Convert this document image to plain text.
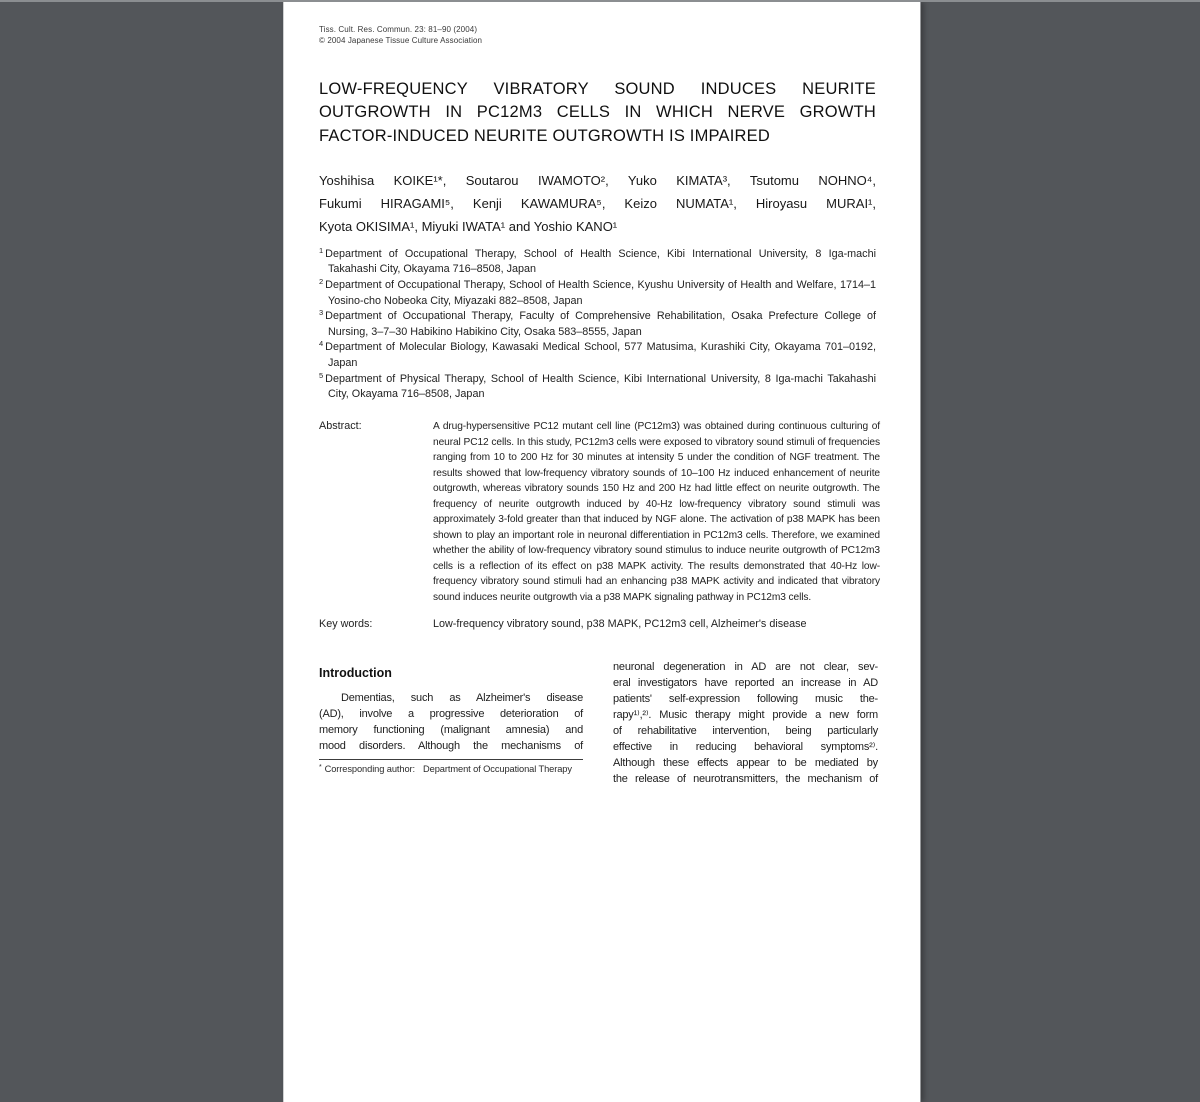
Tiss. Cult. Res. Commun. 23: 81–90 (2004)
© 2004 Japanese Tissue Culture Association
LOW-FREQUENCY VIBRATORY SOUND INDUCES NEURITE
OUTGROWTH IN PC12M3 CELLS IN WHICH NERVE GROWTH
FACTOR-INDUCED NEURITE OUTGROWTH IS IMPAIRED
Yoshihisa KOIKE¹*, Soutarou IWAMOTO², Yuko KIMATA³, Tsutomu NOHNO⁴,
Fukumi HIRAGAMI⁵, Kenji KAWAMURA⁵, Keizo NUMATA¹, Hiroyasu MURAI¹,
Kyota OKISIMA¹, Miyuki IWATA¹ and Yoshio KANO¹
$^1$ Department of Occupational Therapy, School of Health Science, Kibi International University, 8 Iga-machi Takahashi City, Okayama 716–8508, Japan
$^2$ Department of Occupational Therapy, School of Health Science, Kyushu University of Health and Welfare, 1714–1 Yosino-cho Nobeoka City, Miyazaki 882–8508, Japan
$^3$ Department of Occupational Therapy, Faculty of Comprehensive Rehabilitation, Osaka Prefecture College of Nursing, 3–7–30 Habikino Habikino City, Osaka 583–8555, Japan
$^4$ Department of Molecular Biology, Kawasaki Medical School, 577 Matusima, Kurashiki City, Okayama 701–0192, Japan
$^5$ Department of Physical Therapy, School of Health Science, Kibi International University, 8 Iga-machi Takahashi City, Okayama 716–8508, Japan
Abstract:	A drug-hypersensitive PC12 mutant cell line (PC12m3) was obtained during continuous culturing of neural PC12 cells. In this study, PC12m3 cells were exposed to vibratory sound stimuli of frequencies ranging from 10 to 200 Hz for 30 minutes at intensity 5 under the condition of NGF treatment. The results showed that low-frequency vibratory sounds of 10–100 Hz induced enhancement of neurite outgrowth, whereas vibratory sounds 150 Hz and 200 Hz had little effect on neurite outgrowth. The frequency of neurite outgrowth induced by 40-Hz low-frequency vibratory sound stimuli was approximately 3-fold greater than that induced by NGF alone. The activation of p38 MAPK has been shown to play an important role in neuronal differentiation in PC12m3 cells. Therefore, we examined whether the ability of low-frequency vibratory sound stimulus to induce neurite outgrowth of PC12m3 cells is a reflection of its effect on p38 MAPK activity. The results demonstrated that 40-Hz low-frequency vibratory sound stimuli had an enhancing p38 MAPK activity and indicated that vibratory sound induces neurite outgrowth via a p38 MAPK signaling pathway in PC12m3 cells.
Key words:	Low-frequency vibratory sound, p38 MAPK, PC12m3 cell, Alzheimer's disease
Introduction
Dementias, such as Alzheimer's disease
(AD), involve a progressive deterioration of
memory functioning (malignant amnesia) and
mood disorders. Although the mechanisms of
* Corresponding author: Department of Occupational Therapy
neuronal degeneration in AD are not clear, sev-
eral investigators have reported an increase in AD
patients' self-expression following music the-
rapy¹⁾,²⁾. Music therapy might provide a new form
of rehabilitative intervention, being particularly
effective in reducing behavioral symptoms²⁾.
Although these effects appear to be mediated by
the release of neurotransmitters, the mechanism of
